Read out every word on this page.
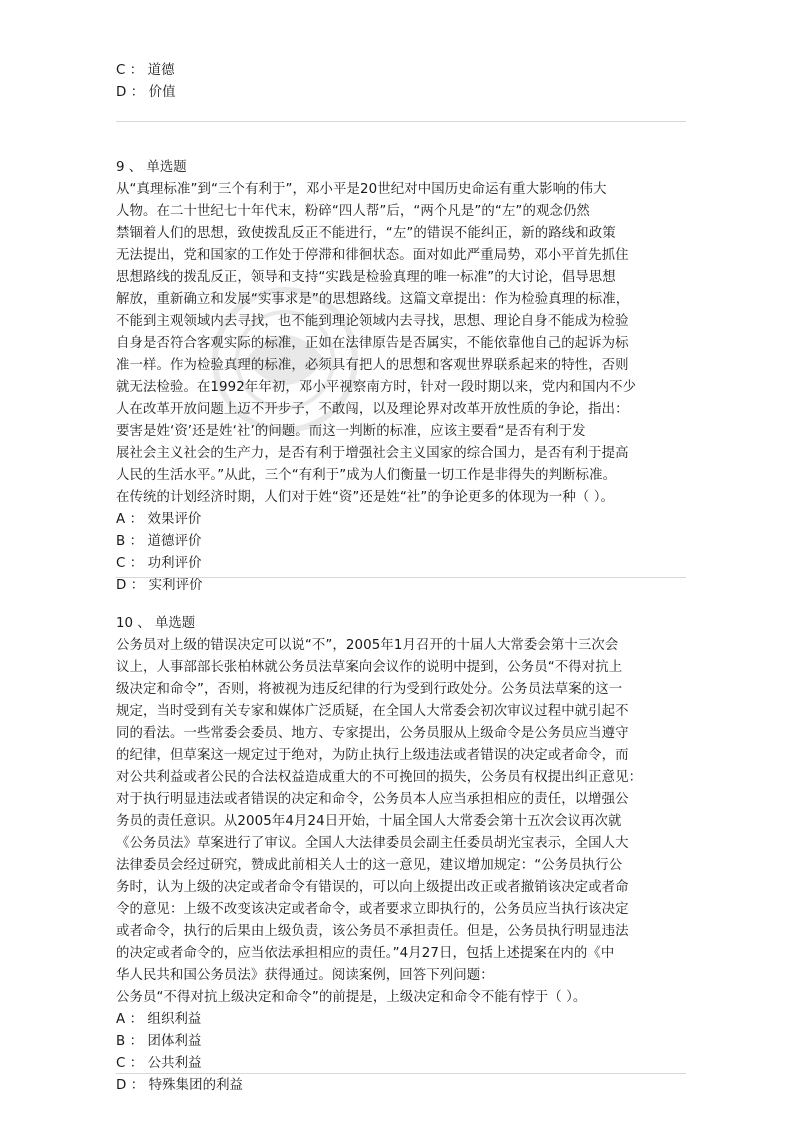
C ： 道德
D ： 价值
9 、 单选题
从“真理标准”到“三个有利于”，邓小平是20世纪对中国历史命运有重大影响的伟大
人物。在二十世纪七十年代末，粉碎“四人帮”后，“两个凡是”的“左”的观念仍然
禁锢着人们的思想，致使拨乱反正不能进行，“左”的错误不能纠正，新的路线和政策
无法提出，党和国家的工作处于停滞和徘徊状态。面对如此严重局势，邓小平首先抓住
思想路线的拨乱反正，领导和支持“实践是检验真理的唯一标准”的大讨论，倡导思想
解放，重新确立和发展“实事求是”的思想路线。这篇文章提出：作为检验真理的标准，
不能到主观领域内去寻找，也不能到理论领域内去寻找，思想、理论自身不能成为检验
自身是否符合客观实际的标准，正如在法律原告是否属实，不能依靠他自己的起诉为标
准一样。作为检验真理的标准，必须具有把人的思想和客观世界联系起来的特性，否则
就无法检验。在1992年年初，邓小平视察南方时，针对一段时期以来，党内和国内不少
人在改革开放问题上迈不开步子，不敢闯，以及理论界对改革开放性质的争论，指出：
要害是姓‘资’还是姓‘社’的问题。而这一判断的标准，应该主要看“是否有利于发
展社会主义社会的生产力，是否有利于增强社会主义国家的综合国力，是否有利于提高
人民的生活水平。”从此，三个“有利于”成为人们衡量一切工作是非得失的判断标准。
在传统的计划经济时期，人们对于姓“资”还是姓“社”的争论更多的体现为一种（ ）。
A ： 效果评价
B ： 道德评价
C ： 功利评价
D ： 实利评价
10 、 单选题
公务员对上级的错误决定可以说“不”，2005年1月召开的十届人大常委会第十三次会
议上，人事部部长张柏林就公务员法草案向会议作的说明中提到，公务员“不得对抗上
级决定和命令”，否则，将被视为违反纪律的行为受到行政处分。公务员法草案的这一
规定，当时受到有关专家和媒体广泛质疑，在全国人大常委会初次审议过程中就引起不
同的看法。一些常委会委员、地方、专家提出，公务员服从上级命令是公务员应当遵守
的纪律，但草案这一规定过于绝对，为防止执行上级违法或者错误的决定或者命令，而
对公共利益或者公民的合法权益造成重大的不可挽回的损失，公务员有权提出纠正意见：
对于执行明显违法或者错误的决定和命令，公务员本人应当承担相应的责任，以增强公
务员的责任意识。从2005年4月24日开始，十届全国人大常委会第十五次会议再次就
《公务员法》草案进行了审议。全国人大法律委员会副主任委员胡光宝表示，全国人大
法律委员会经过研究，赞成此前相关人士的这一意见，建议增加规定：“公务员执行公
务时，认为上级的决定或者命令有错误的，可以向上级提出改正或者撤销该决定或者命
令的意见：上级不改变该决定或者命令，或者要求立即执行的，公务员应当执行该决定
或者命令，执行的后果由上级负责，该公务员不承担责任。但是，公务员执行明显违法
的决定或者命令的，应当依法承担相应的责任。”4月27日，包括上述提案在内的《中
华人民共和国公务员法》获得通过。阅读案例，回答下列问题：
公务员“不得对抗上级决定和命令”的前提是，上级决定和命令不能有悖于（ ）。
A ： 组织利益
B ： 团体利益
C ： 公共利益
D ： 特殊集团的利益
